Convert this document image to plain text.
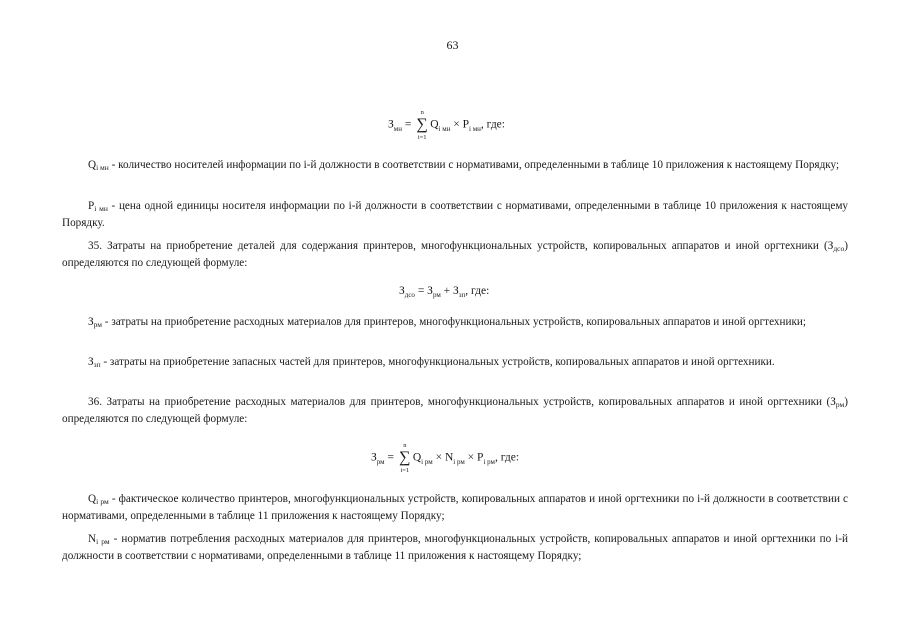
63
$З_{мн}$ =
n
∑
i=1
$Q_{i мн} \times P_{i мн}$, где:

Qi мн - количество носителей информации по i-й должности в соответствии с нормативами, определенными в таблице 10 приложения к настоящему Порядку;

Pi мн - цена одной единицы носителя информации по i-й должности в соответствии с нормативами, определенными в таблице 10 приложения к настоящему Порядку.

35. Затраты на приобретение деталей для содержания принтеров, многофункциональных устройств, копировальных аппаратов и иной оргтехники (Здсо) определяются по следующей формуле:

$З_{дсо} = З_{рм} + З_{зп}$, где:

Зрм - затраты на приобретение расходных материалов для принтеров, многофункциональных устройств, копировальных аппаратов и иной оргтехники;

Ззп - затраты на приобретение запасных частей для принтеров, многофункциональных устройств, копировальных аппаратов и иной оргтехники.

36. Затраты на приобретение расходных материалов для принтеров, многофункциональных устройств, копировальных аппаратов и иной оргтехники (Зрм) определяются по следующей формуле:

$З_{рм}$ =
n
∑
i=1
$Q_{i рм} \times N_{i рм} \times P_{i рм}$, где:

Qi рм - фактическое количество принтеров, многофункциональных устройств, копировальных аппаратов и иной оргтехники по i-й должности в соответствии с нормативами, определенными в таблице 11 приложения к настоящему Порядку;

Ni рм - норматив потребления расходных материалов для принтеров, многофункциональных устройств, копировальных аппаратов и иной оргтехники по i-й должности в соответствии с нормативами, определенными в таблице 11 приложения к настоящему Порядку;
